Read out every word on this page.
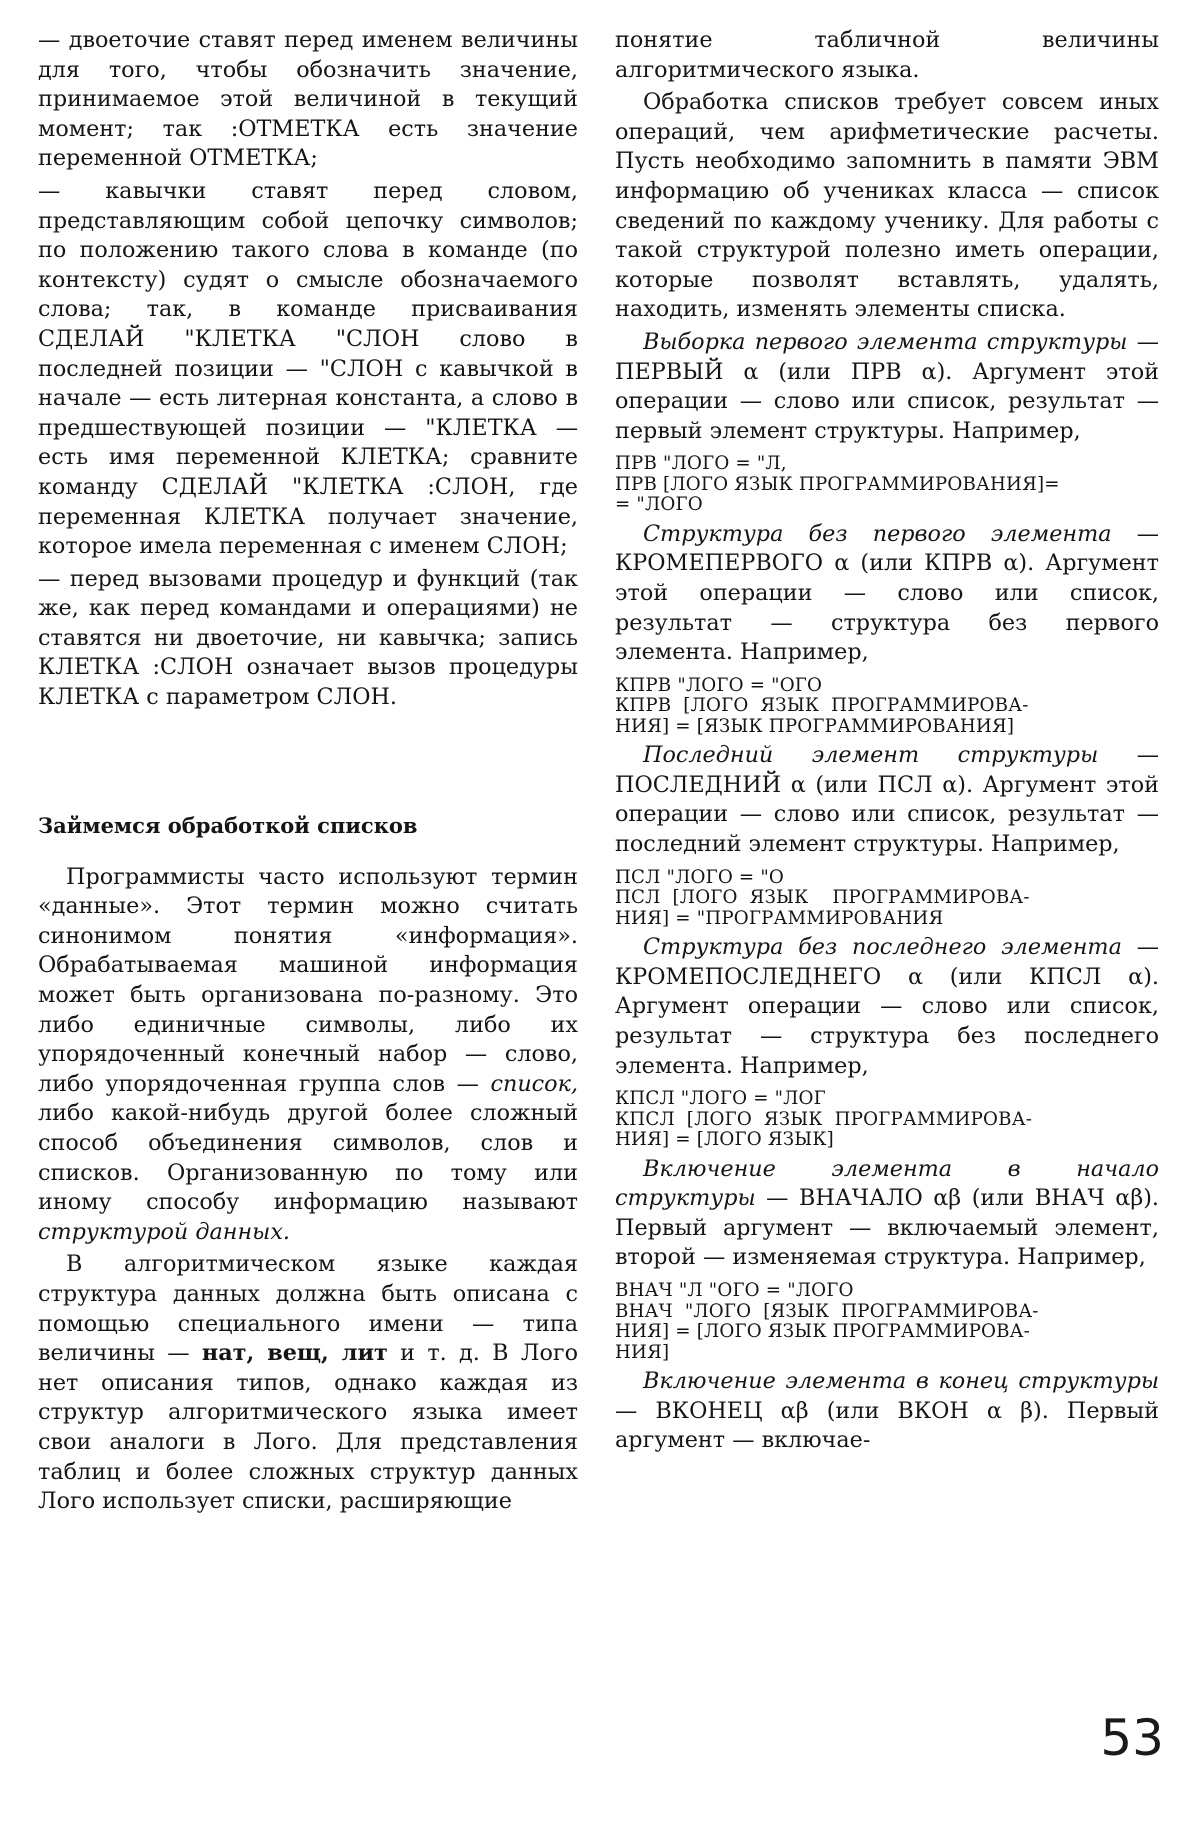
— двоеточие ставят перед именем величины для того, чтобы обозначить значение, принимаемое этой величиной в текущий момент; так :ОТМЕТКА есть значение переменной ОТМЕТКА;

— кавычки ставят перед словом, представляющим собой цепочку символов; по положению такого слова в команде (по контексту) судят о смысле обозначаемого слова; так, в команде присваивания СДЕЛАЙ "КЛЕТКА "СЛОН слово в последней позиции — "СЛОН с кавычкой в начале — есть литерная константа, а слово в предшествующей позиции — "КЛЕТКА — есть имя переменной КЛЕТКА; сравните команду СДЕЛАЙ "КЛЕТКА :СЛОН, где переменная КЛЕТКА получает значение, которое имела переменная с именем СЛОН;

— перед вызовами процедур и функций (так же, как перед командами и операциями) не ставятся ни двоеточие, ни кавычка; запись КЛЕТКА :СЛОН означает вызов процедуры КЛЕТКА с параметром СЛОН.

Займемся обработкой списков

Программисты часто используют термин «данные». Этот термин можно считать синонимом понятия «информация». Обрабатываемая машиной информация может быть организована по-разному. Это либо единичные символы, либо их упорядоченный конечный набор — слово, либо упорядоченная группа слов — список, либо какой-нибудь другой более сложный способ объединения символов, слов и списков. Организованную по тому или иному способу информацию называют структурой данных.

В алгоритмическом языке каждая структура данных должна быть описана с помощью специального имени — типа величины — нат, вещ, лит и т. д. В Лого нет описания типов, однако каждая из структур алгоритмического языка имеет свои аналоги в Лого. Для представления таблиц и более сложных структур данных Лого использует списки, расширяющие

понятие табличной величины алгоритмического языка.

Обработка списков требует совсем иных операций, чем арифметические расчеты. Пусть необходимо запомнить в памяти ЭВМ информацию об учениках класса — список сведений по каждому ученику. Для работы с такой структурой полезно иметь операции, которые позволят вставлять, удалять, находить, изменять элементы списка.

Выборка первого элемента структуры — ПЕРВЫЙ α (или ПРВ α). Аргумент этой операции — слово или список, результат — первый элемент структуры. Например,

ПРВ "ЛОГО = "Л,
ПРВ [ЛОГО ЯЗЫК ПРОГРАММИРОВАНИЯ]=
= "ЛОГО

Структура без первого элемента — КРОМЕПЕРВОГО α (или КПРВ α). Аргумент этой операции — слово или список, результат — структура без первого элемента. Например,

КПРВ "ЛОГО = "ОГО
КПРВ  [ЛОГО  ЯЗЫК  ПРОГРАММИРОВА-
НИЯ] = [ЯЗЫК ПРОГРАММИРОВАНИЯ]

Последний элемент структуры — ПОСЛЕДНИЙ α (или ПСЛ α). Аргумент этой операции — слово или список, результат — последний элемент структуры. Например,

ПСЛ "ЛОГО = "О
ПСЛ  [ЛОГО  ЯЗЫК    ПРОГРАММИРОВА-
НИЯ] = "ПРОГРАММИРОВАНИЯ

Структура без последнего элемента — КРОМЕПОСЛЕДНЕГО α (или КПСЛ α). Аргумент операции — слово или список, результат — структура без последнего элемента. Например,

КПСЛ "ЛОГО = "ЛОГ
КПСЛ  [ЛОГО  ЯЗЫК  ПРОГРАММИРОВА-
НИЯ] = [ЛОГО ЯЗЫК]

Включение элемента в начало структуры — ВНАЧАЛО αβ (или ВНАЧ αβ). Первый аргумент — включаемый элемент, второй — изменяемая структура. Например,

ВНАЧ "Л "ОГО = "ЛОГО
ВНАЧ  "ЛОГО  [ЯЗЫК  ПРОГРАММИРОВА-
НИЯ] = [ЛОГО ЯЗЫК ПРОГРАММИРОВА-
НИЯ]

Включение элемента в конец структуры — ВКОНЕЦ αβ (или ВКОН α β). Первый аргумент — включае-

53
